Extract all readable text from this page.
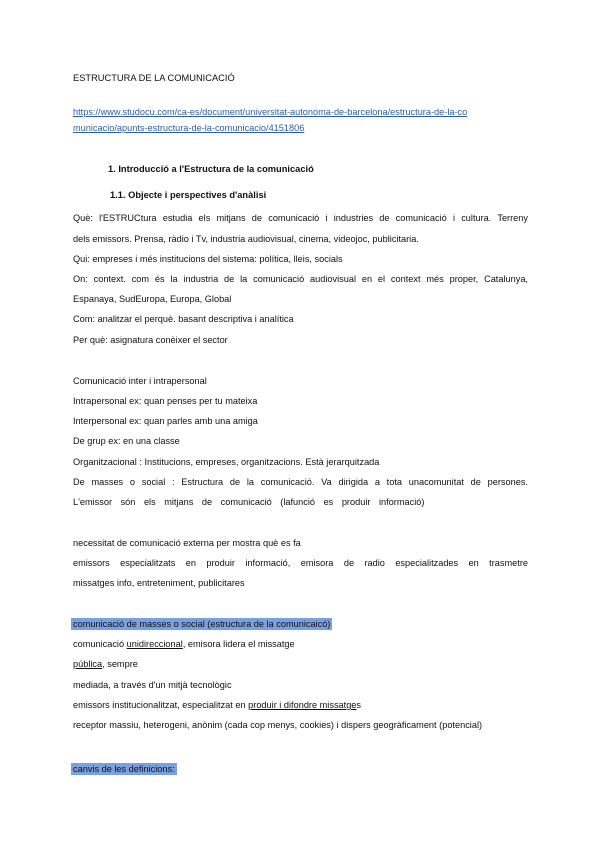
ESTRUCTURA DE LA COMUNICACIÓ
https://www.studocu.com/ca-es/document/universitat-autonoma-de-barcelona/estructura-de-la-co
municacio/apunts-estructura-de-la-comunicacio/4151806
1. Introducció a l'Estructura de la comunicació
1.1. Objecte i perspectives d'anàlisi
Què: l'ESTRUCtura estudia els mitjans de comunicació i industries de comunicació i cultura. Terreny
dels emissors. Prensa, ràdio i Tv, industria audiovisual, cinema, videojoc, publicitaria.
Qui: empreses i més institucions del sistema: política, lleis, socials
On: context. com és la industria de la comunicació audiovisual en el context més proper, Catalunya,
Espanaya, SudEuropa, Europa, Global
Com: analitzar el perquè. basant descriptiva i analítica
Per què: asignatura conèixer el sector
Comunicació inter i intrapersonal
Intrapersonal ex: quan penses per tu mateixa
Interpersonal ex: quan parles amb una amiga
De grup ex: en una classe
Organitzacional : Institucions, empreses, organitzacions. Està jerarquitzada
De masses o social : Estructura de la comunicació. Va dirigida a tota unacomunitat de persones.
L'emissor són els mitjans de comunicació (lafunció es produir informació)
necessitat de comunicació externa per mostra què es fa
emissors especialitzats en produir informació, emisora de radio especialitzades en trasmetre
missatges info, entreteniment, publicitares
comunicació de masses o social (estructura de la comunicaicó)
comunicació unidireccional, emisora lidera el missatge
pública, sempre
mediada, a través d'un mitjà tecnològic
emissors institucionalitzat, especialitzat en produir i difondre missatges
receptor massiu, heterogeni, anònim (cada cop menys, cookies) i dispers geogràficament (potencial)
canvis de les definicions:
